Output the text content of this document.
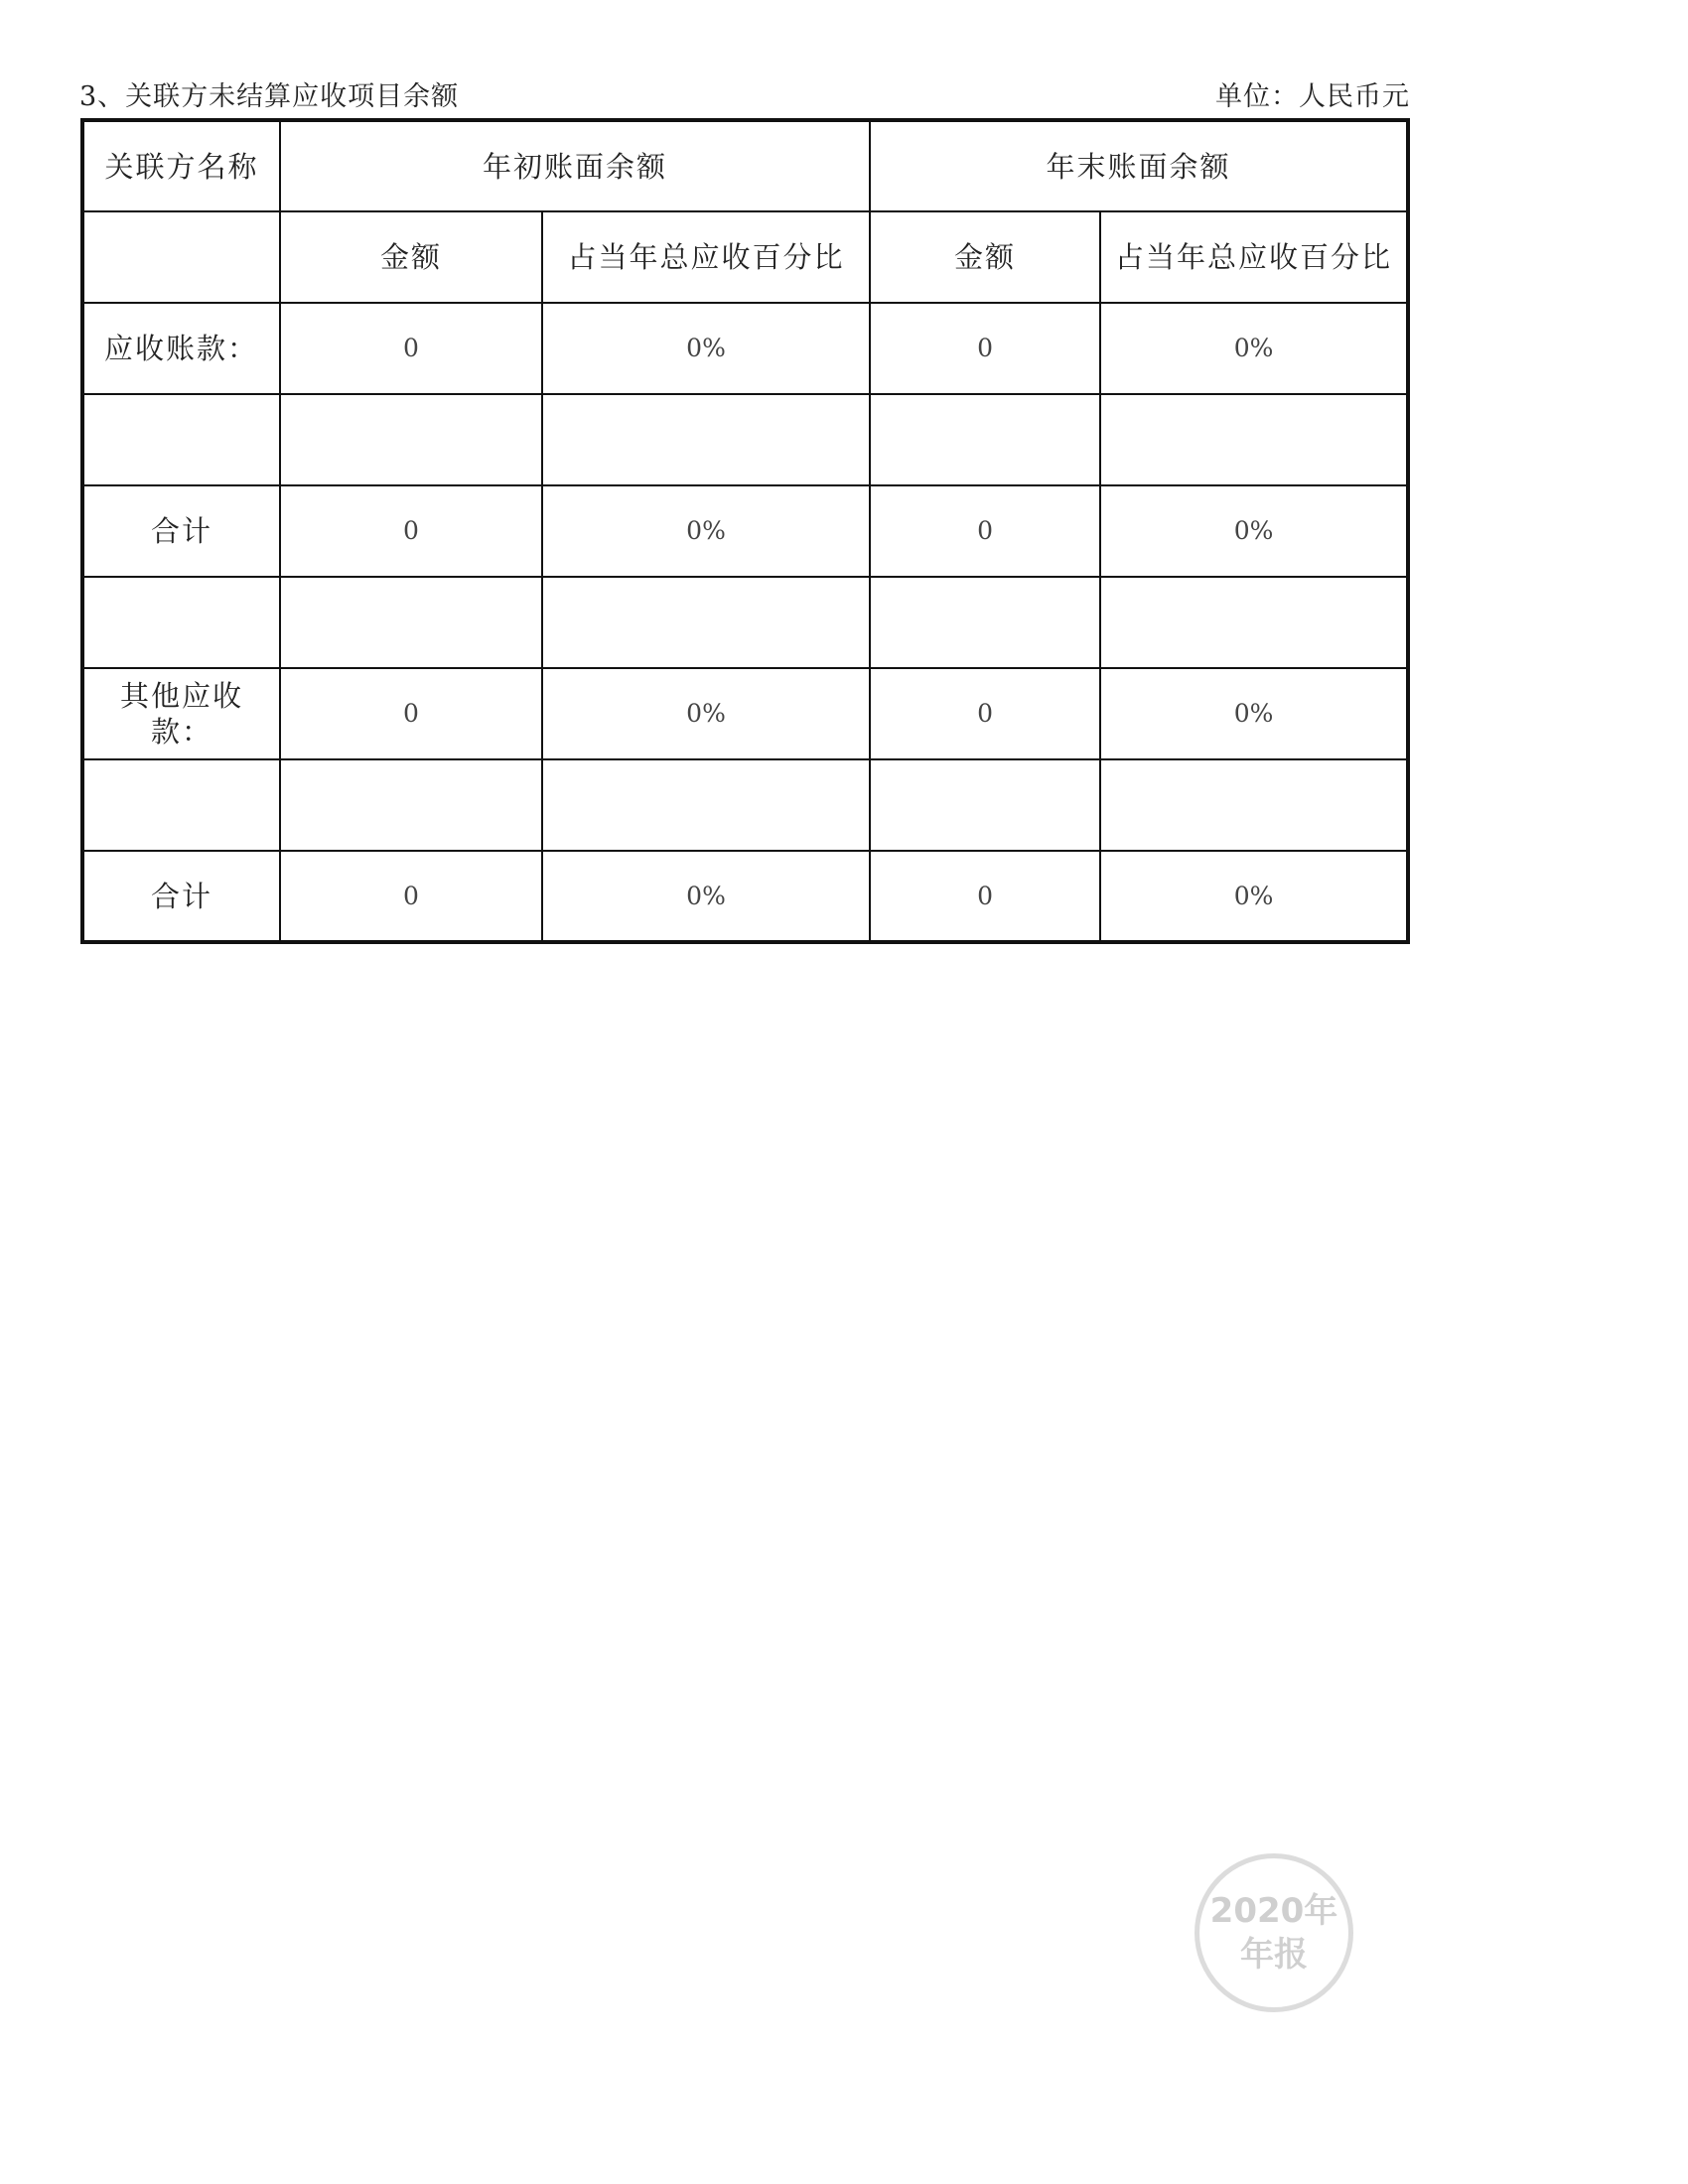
3、关联方未结算应收项目余额	单位：人民币元
关联方名称	年初账面余额		年末账面余额	
	金额	占当年总应收百分比	金额	占当年总应收百分比
应收账款：	0	0%	0	0%

合计	0	0%	0	0%

其他应收款：	0	0%	0	0%

合计	0	0%	0	0%
2020年
年报
